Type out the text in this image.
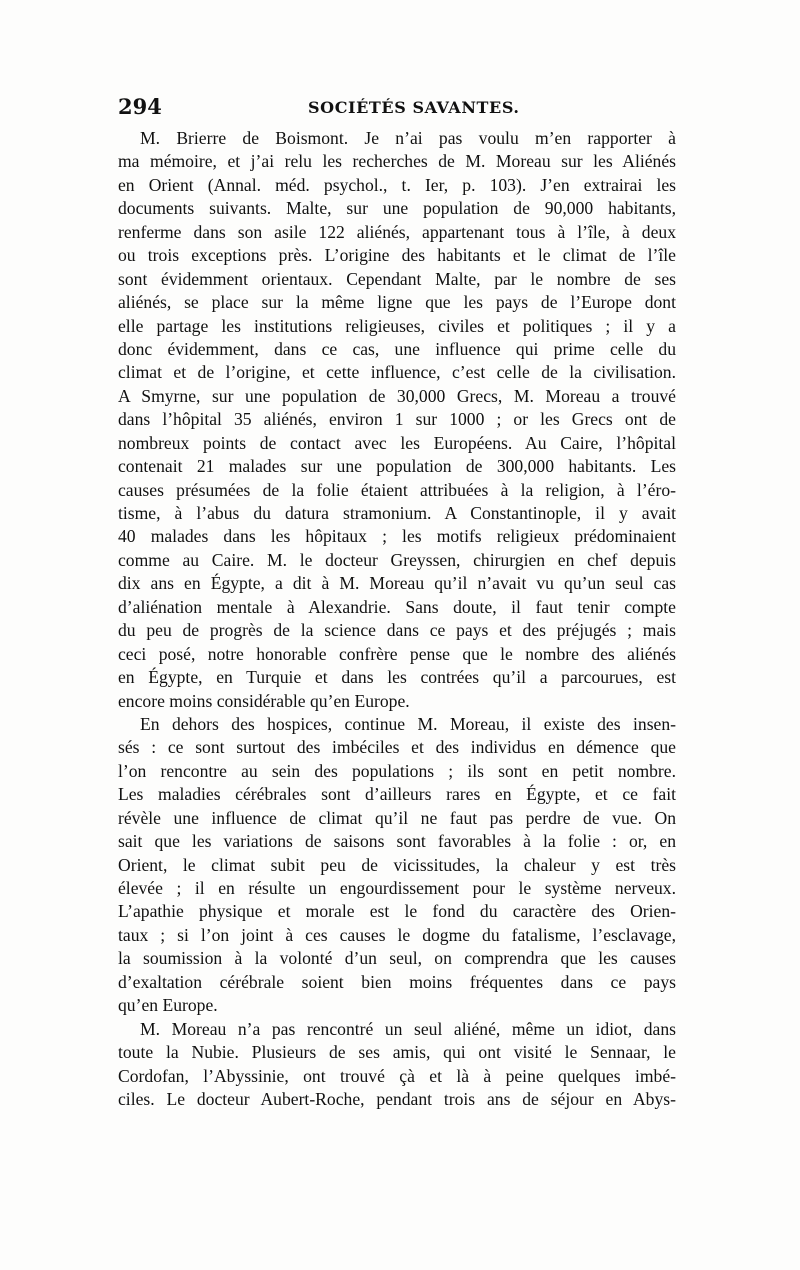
294	SOCIÉTÉS SAVANTES.
M. Brierre de Boismont. Je n’ai pas voulu m’en rapporter à
ma mémoire, et j’ai relu les recherches de M. Moreau sur les Aliénés
en Orient (Annal. méd. psychol., t. Ier, p. 103). J’en extrairai les
documents suivants. Malte, sur une population de 90,000 habitants,
renferme dans son asile 122 aliénés, appartenant tous à l’île, à deux
ou trois exceptions près. L’origine des habitants et le climat de l’île
sont évidemment orientaux. Cependant Malte, par le nombre de ses
aliénés, se place sur la même ligne que les pays de l’Europe dont
elle partage les institutions religieuses, civiles et politiques ; il y a
donc évidemment, dans ce cas, une influence qui prime celle du
climat et de l’origine, et cette influence, c’est celle de la civilisation.
A Smyrne, sur une population de 30,000 Grecs, M. Moreau a trouvé
dans l’hôpital 35 aliénés, environ 1 sur 1000 ; or les Grecs ont de
nombreux points de contact avec les Européens. Au Caire, l’hôpital
contenait 21 malades sur une population de 300,000 habitants. Les
causes présumées de la folie étaient attribuées à la religion, à l’éro-
tisme, à l’abus du datura stramonium. A Constantinople, il y avait
40 malades dans les hôpitaux ; les motifs religieux prédominaient
comme au Caire. M. le docteur Greyssen, chirurgien en chef depuis
dix ans en Égypte, a dit à M. Moreau qu’il n’avait vu qu’un seul cas
d’aliénation mentale à Alexandrie. Sans doute, il faut tenir compte
du peu de progrès de la science dans ce pays et des préjugés ; mais
ceci posé, notre honorable confrère pense que le nombre des aliénés
en Égypte, en Turquie et dans les contrées qu’il a parcourues, est
encore moins considérable qu’en Europe.
En dehors des hospices, continue M. Moreau, il existe des insen-
sés : ce sont surtout des imbéciles et des individus en démence que
l’on rencontre au sein des populations ; ils sont en petit nombre.
Les maladies cérébrales sont d’ailleurs rares en Égypte, et ce fait
révèle une influence de climat qu’il ne faut pas perdre de vue. On
sait que les variations de saisons sont favorables à la folie : or, en
Orient, le climat subit peu de vicissitudes, la chaleur y est très
élevée ; il en résulte un engourdissement pour le système nerveux.
L’apathie physique et morale est le fond du caractère des Orien-
taux ; si l’on joint à ces causes le dogme du fatalisme, l’esclavage,
la soumission à la volonté d’un seul, on comprendra que les causes
d’exaltation cérébrale soient bien moins fréquentes dans ce pays
qu’en Europe.
M. Moreau n’a pas rencontré un seul aliéné, même un idiot, dans
toute la Nubie. Plusieurs de ses amis, qui ont visité le Sennaar, le
Cordofan, l’Abyssinie, ont trouvé çà et là à peine quelques imbé-
ciles. Le docteur Aubert-Roche, pendant trois ans de séjour en Abys-
